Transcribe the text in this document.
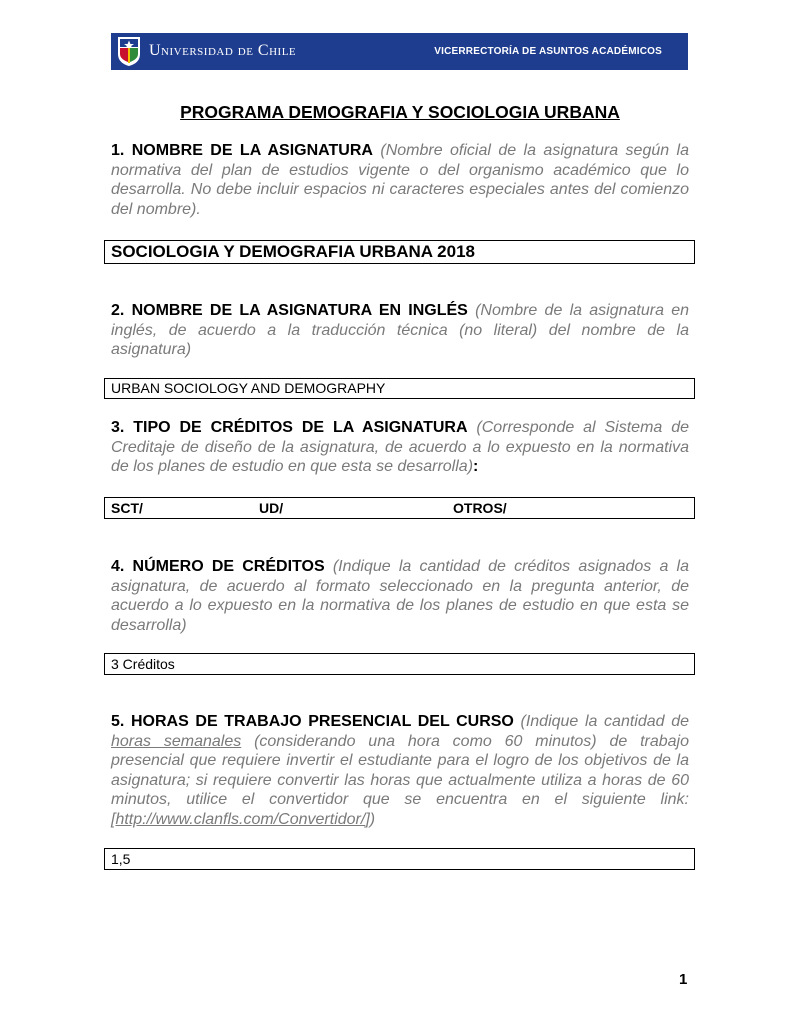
Universidad de Chile	VICERRECTORÍA DE ASUNTOS ACADÉMICOS
PROGRAMA DEMOGRAFIA Y SOCIOLOGIA URBANA
1. NOMBRE DE LA ASIGNATURA (Nombre oficial de la asignatura según la normativa del plan de estudios vigente o del organismo académico que lo desarrolla. No debe incluir espacios ni caracteres especiales antes del comienzo del nombre).
SOCIOLOGIA Y DEMOGRAFIA URBANA 2018
2. NOMBRE DE LA ASIGNATURA EN INGLÉS (Nombre de la asignatura en inglés, de acuerdo a la traducción técnica (no literal) del nombre de la asignatura)
URBAN SOCIOLOGY AND DEMOGRAPHY
3. TIPO DE CRÉDITOS DE LA ASIGNATURA (Corresponde al Sistema de Creditaje de diseño de la asignatura, de acuerdo a lo expuesto en la normativa de los planes de estudio en que esta se desarrolla):
SCT/	UD/	OTROS/
4. NÚMERO DE CRÉDITOS (Indique la cantidad de créditos asignados a la asignatura, de acuerdo al formato seleccionado en la pregunta anterior, de acuerdo a lo expuesto en la normativa de los planes de estudio en que esta se desarrolla)
3 Créditos
5. HORAS DE TRABAJO PRESENCIAL DEL CURSO (Indique la cantidad de horas semanales (considerando una hora como 60 minutos) de trabajo presencial que requiere invertir el estudiante para el logro de los objetivos de la asignatura; si requiere convertir las horas que actualmente utiliza a horas de 60 minutos, utilice el convertidor que se encuentra en el siguiente link: [http://www.clanfls.com/Convertidor/])
1,5
1
